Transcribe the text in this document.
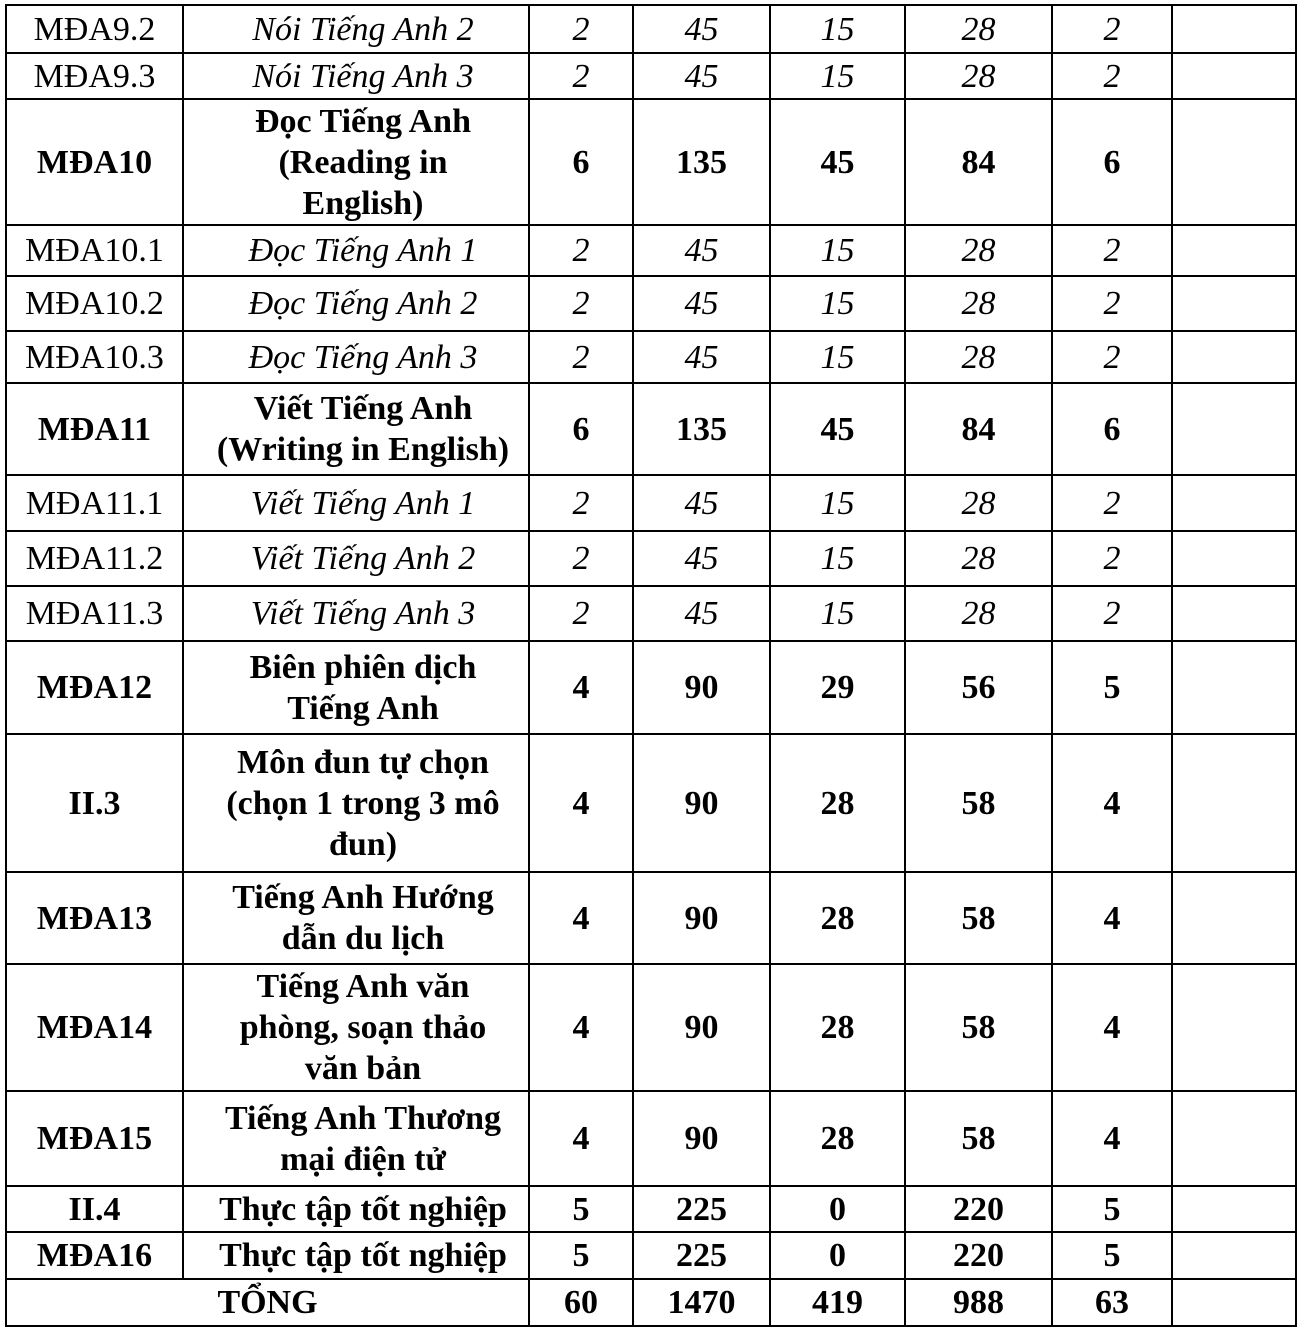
MĐA9.2	Nói Tiếng Anh 2	2	45	15	28	2	
MĐA9.3	Nói Tiếng Anh 3	2	45	15	28	2	
MĐA10	Đọc Tiếng Anh
(Reading in
English)	6	135	45	84	6	
MĐA10.1	Đọc Tiếng Anh 1	2	45	15	28	2	
MĐA10.2	Đọc Tiếng Anh 2	2	45	15	28	2	
MĐA10.3	Đọc Tiếng Anh 3	2	45	15	28	2	
MĐA11	Viết Tiếng Anh
(Writing in English)	6	135	45	84	6	
MĐA11.1	Viết Tiếng Anh 1	2	45	15	28	2	
MĐA11.2	Viết Tiếng Anh 2	2	45	15	28	2	
MĐA11.3	Viết Tiếng Anh 3	2	45	15	28	2	
MĐA12	Biên phiên dịch
Tiếng Anh	4	90	29	56	5	
II.3	Môn đun tự chọn
(chọn 1 trong 3 mô
đun)	4	90	28	58	4	
MĐA13	Tiếng Anh Hướng
dẫn du lịch	4	90	28	58	4	
MĐA14	Tiếng Anh văn
phòng, soạn thảo
văn bản	4	90	28	58	4	
MĐA15	Tiếng Anh Thương
mại điện tử	4	90	28	58	4	
II.4	Thực tập tốt nghiệp	5	225	0	220	5	
MĐA16	Thực tập tốt nghiệp	5	225	0	220	5	
TỔNG		60	1470	419	988	63	
